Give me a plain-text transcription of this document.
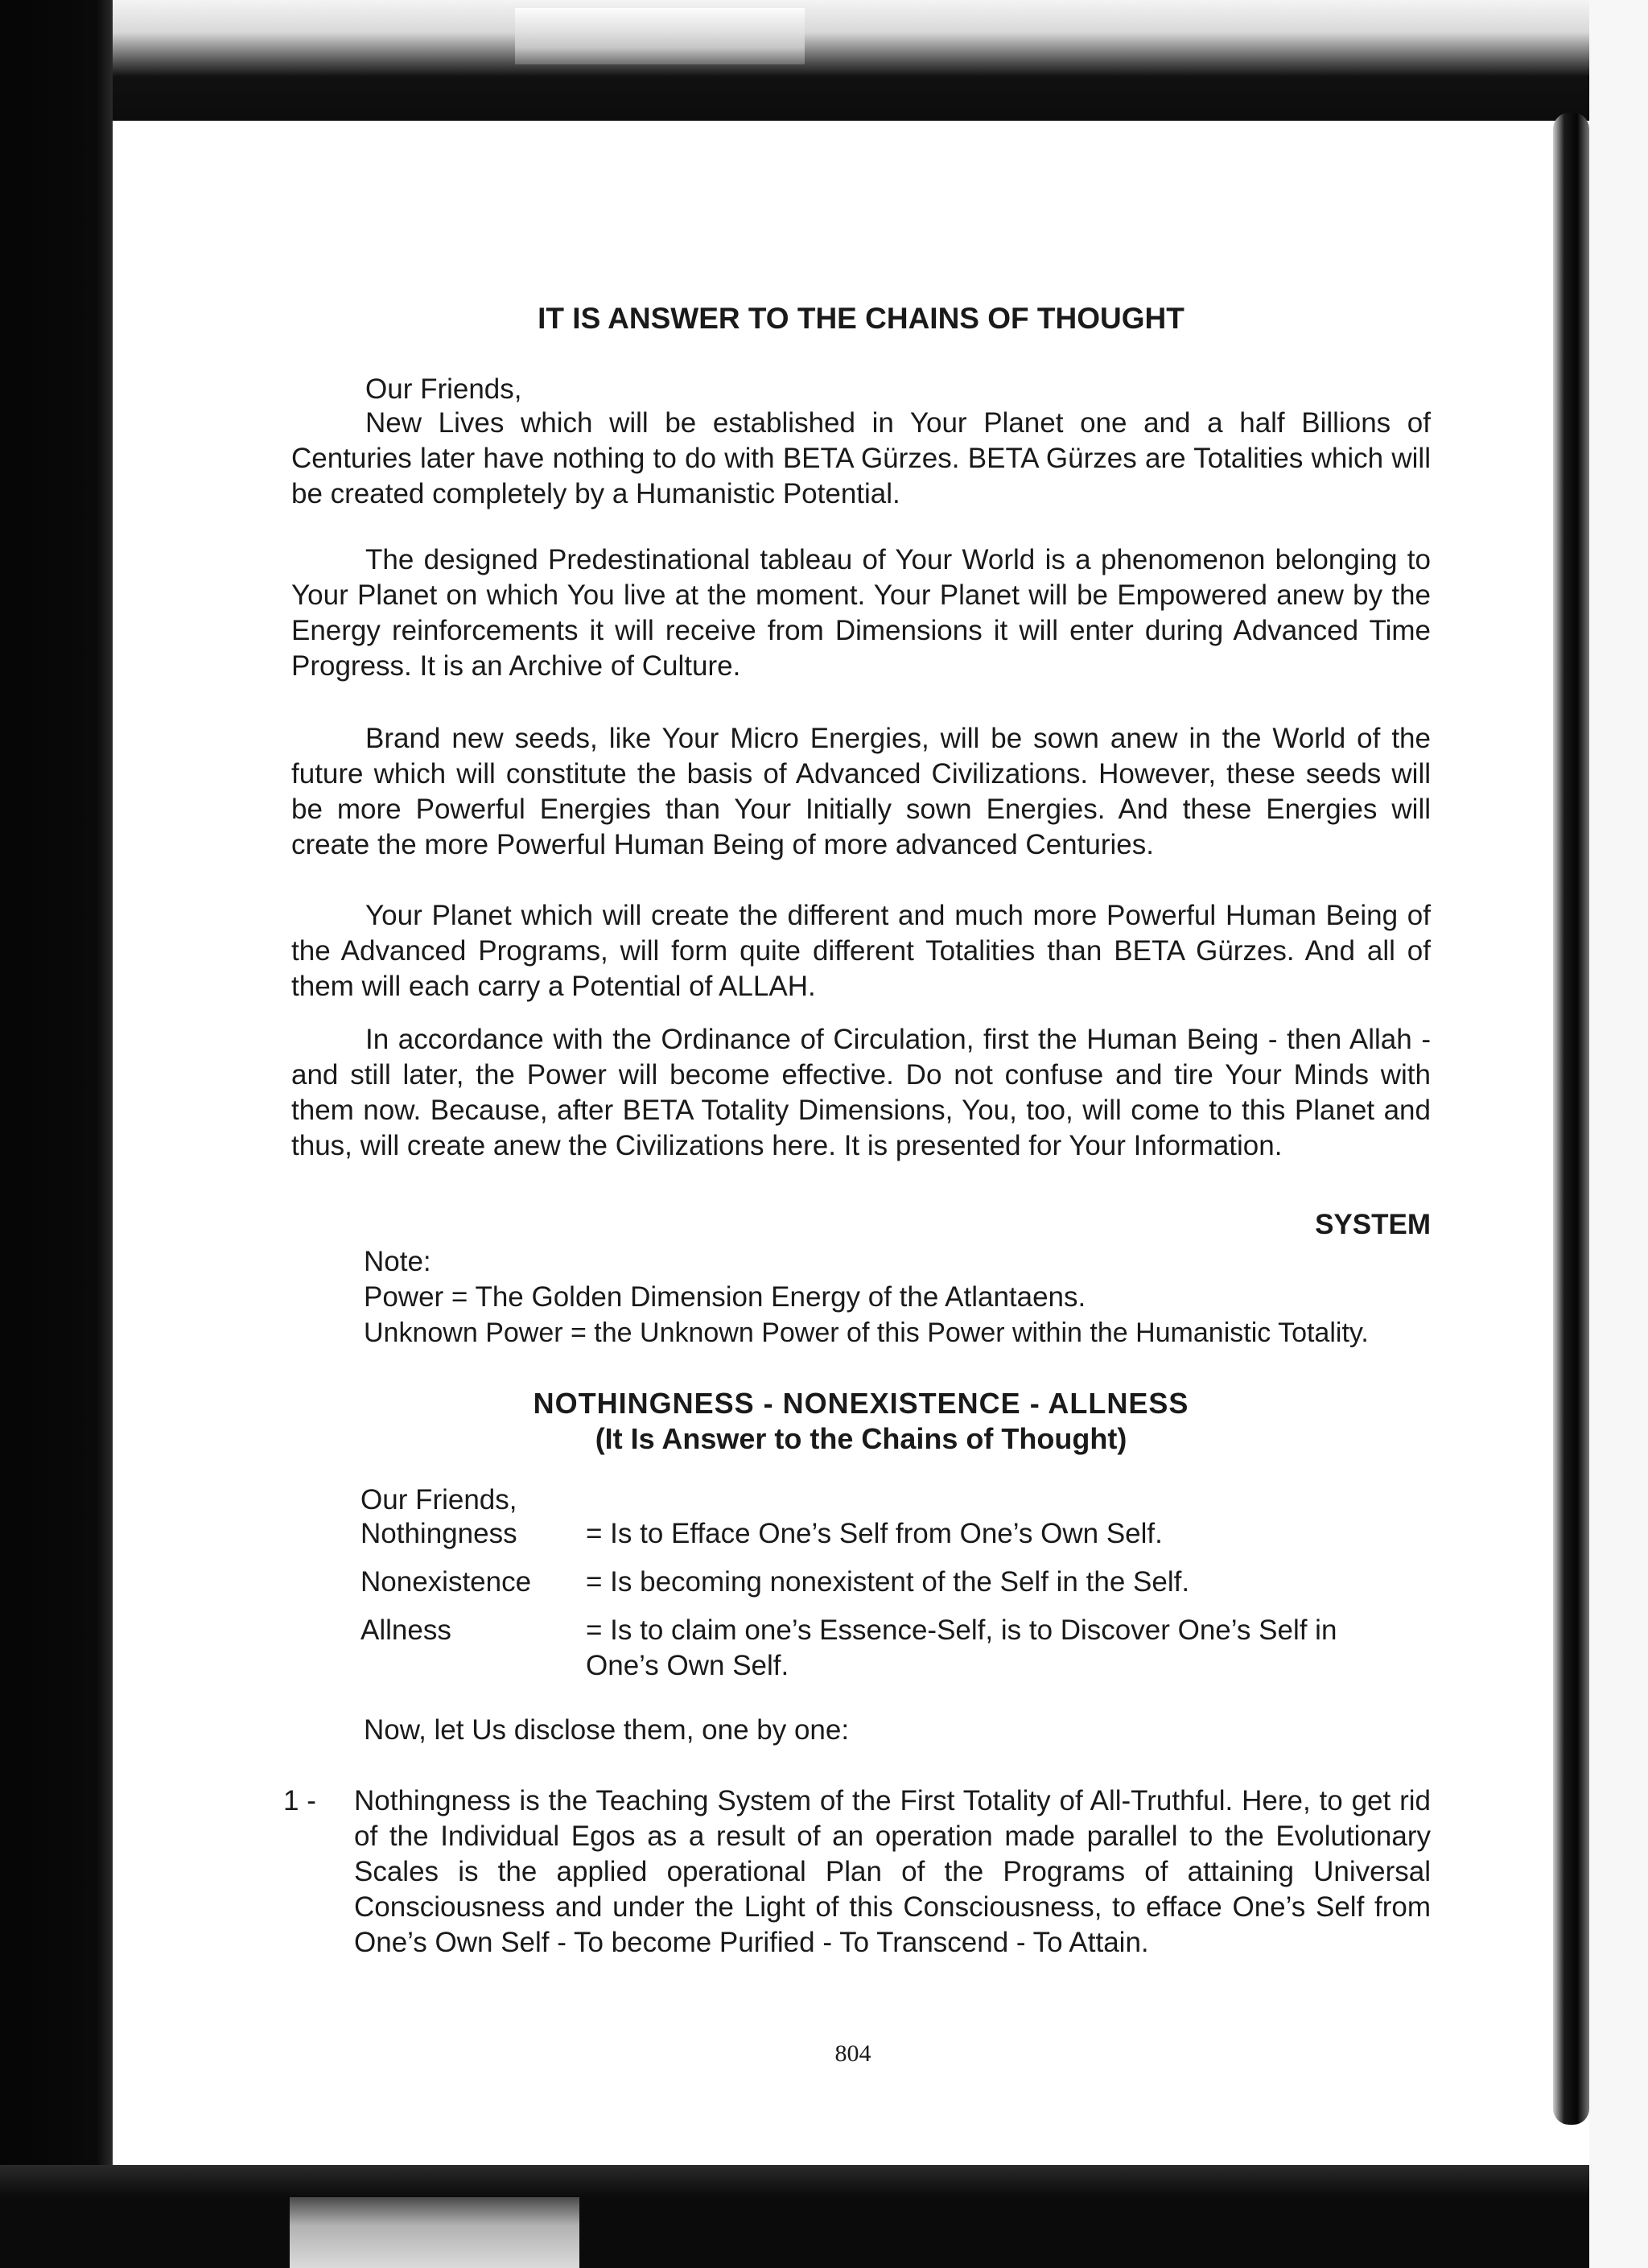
IT IS ANSWER TO THE CHAINS OF THOUGHT

Our Friends,

New Lives which will be established in Your Planet one and a half Billions of Centuries later have nothing to do with BETA Gürzes. BETA Gürzes are Totalities which will be created completely by a Humanistic Potential.

The designed Predestinational tableau of Your World is a phenomenon belonging to Your Planet on which You live at the moment. Your Planet will be Empowered anew by the Energy reinforcements it will receive from Dimensions it will enter during Advanced Time Progress. It is an Archive of Culture.

Brand new seeds, like Your Micro Energies, will be sown anew in the World of the future which will constitute the basis of Advanced Civilizations. However, these seeds will be more Powerful Energies than Your Initially sown Energies. And these Energies will create the more Powerful Human Being of more advanced Centuries.

Your Planet which will create the different and much more Powerful Human Being of the Advanced Programs, will form quite different Totalities than BETA Gürzes. And all of them will each carry a Potential of ALLAH.

In accordance with the Ordinance of Circulation, first the Human Being - then Allah - and still later, the Power will become effective. Do not confuse and tire Your Minds with them now. Because, after BETA Totality Dimensions, You, too, will come to this Planet and thus, will create anew the Civilizations here. It is presented for Your Information.

SYSTEM

Note:

Power = The Golden Dimension Energy of the Atlantaens.

Unknown Power = the Unknown Power of this Power within the Humanistic Totality.

NOTHINGNESS - NONEXISTENCE - ALLNESS
(It Is Answer to the Chains of Thought)

Our Friends,

Nothingness	= Is to Efface One’s Self from One’s Own Self.

Nonexistence	= Is becoming nonexistent of the Self in the Self.

Allness	= Is to claim one’s Essence-Self, is to Discover One’s Self in One’s Own Self.

Now, let Us disclose them, one by one:

1 -	Nothingness is the Teaching System of the First Totality of All-Truthful. Here, to get rid of the Individual Egos as a result of an operation made parallel to the Evolutionary Scales is the applied operational Plan of the Programs of attaining Universal Consciousness and under the Light of this Consciousness, to efface One’s Self from One’s Own Self - To become Purified - To Transcend - To Attain.

804
